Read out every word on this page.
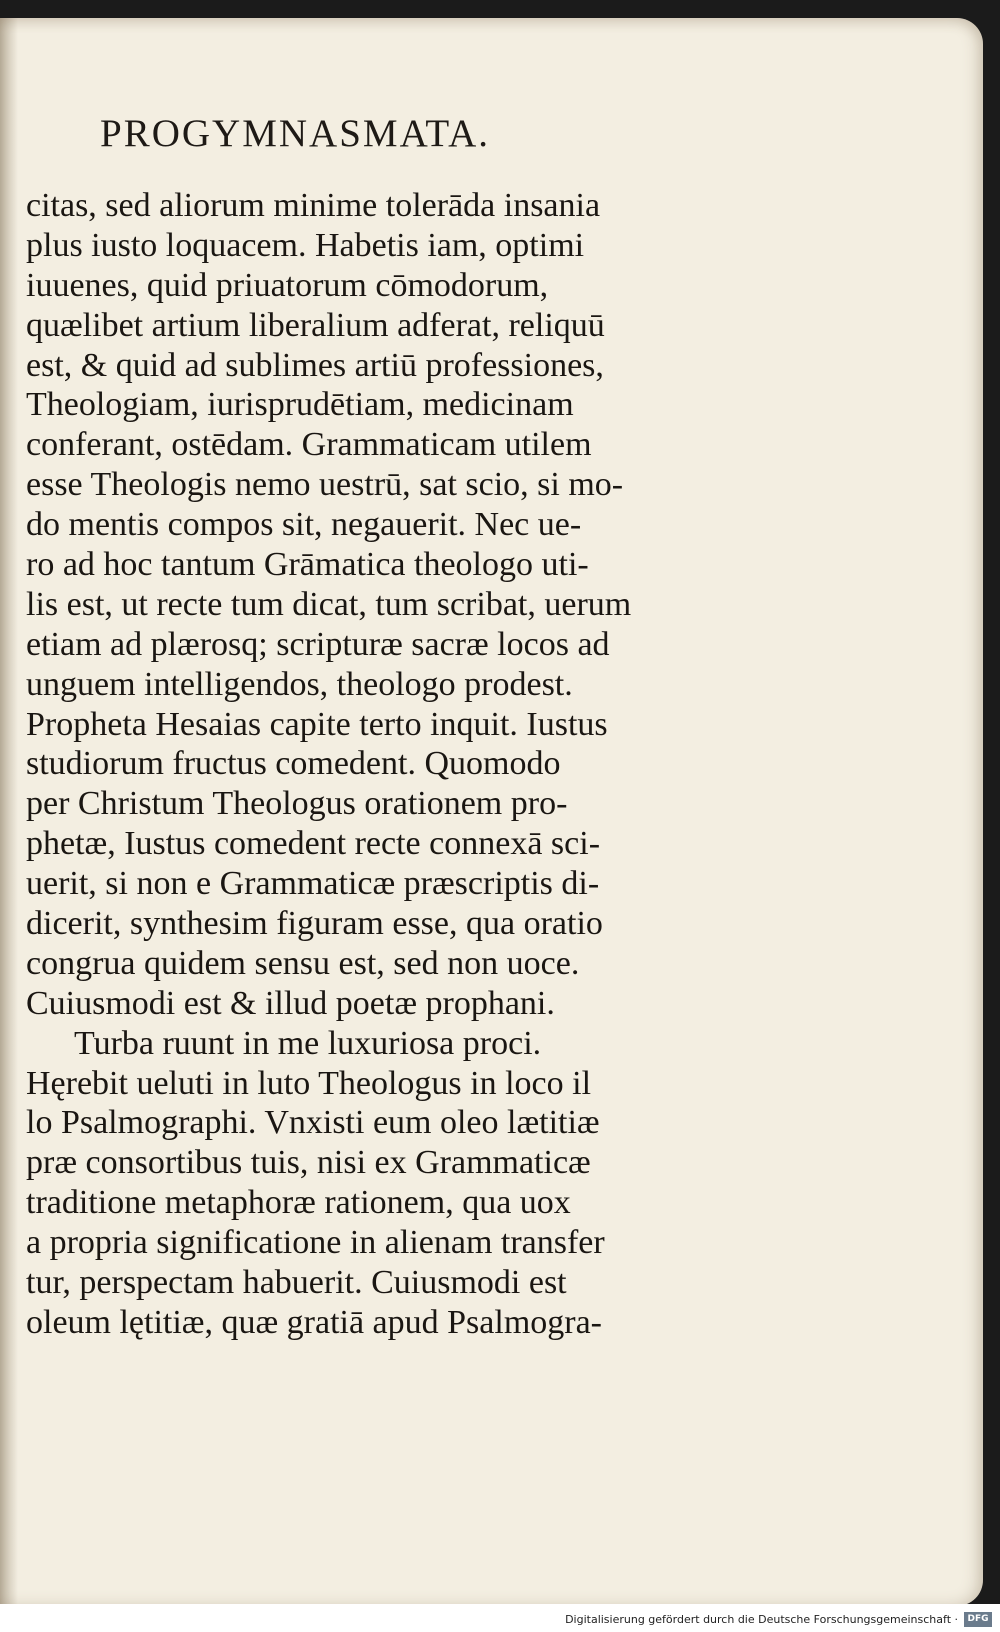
PROGYMNASMATA.
citas, sed aliorum minime tolerāda insania
plus iusto loquacem. Habetis iam, optimi
iuuenes, quid priuatorum cōmodorum,
quælibet artium liberalium adferat, reliquū
est, & quid ad sublimes artiū professiones,
Theologiam, iurisprudētiam, medicinam
conferant, ostēdam. Grammaticam utilem
esse Theologis nemo uestrū, sat scio, si mo-
do mentis compos sit, negauerit. Nec ue-
ro ad hoc tantum Grāmatica theologo uti-
lis est, ut recte tum dicat, tum scribat, uerum
etiam ad plærosq; scripturæ sacræ locos ad
unguem intelligendos, theologo prodest.
Propheta Hesaias capite terto inquit. Iustus
studiorum fructus comedent. Quomodo
per Christum Theologus orationem pro-
phetæ, Iustus comedent recte connexā sci-
uerit, si non e Grammaticæ præscriptis di-
dicerit, synthesim figuram esse, qua oratio
congrua quidem sensu est, sed non uoce.
Cuiusmodi est & illud poetæ prophani.
Turba ruunt in me luxuriosa proci.
Hęrebit ueluti in luto Theologus in loco il
lo Psalmographi. Vnxisti eum oleo lætitiæ
præ consortibus tuis, nisi ex Grammaticæ
traditione metaphoræ rationem, qua uox
a propria significatione in alienam transfer
tur, perspectam habuerit. Cuiusmodi est
oleum lętitiæ, quæ gratiā apud Psalmogra-
Digitalisierung gefördert durch die Deutsche Forschungsgemeinschaft ·	DFG
